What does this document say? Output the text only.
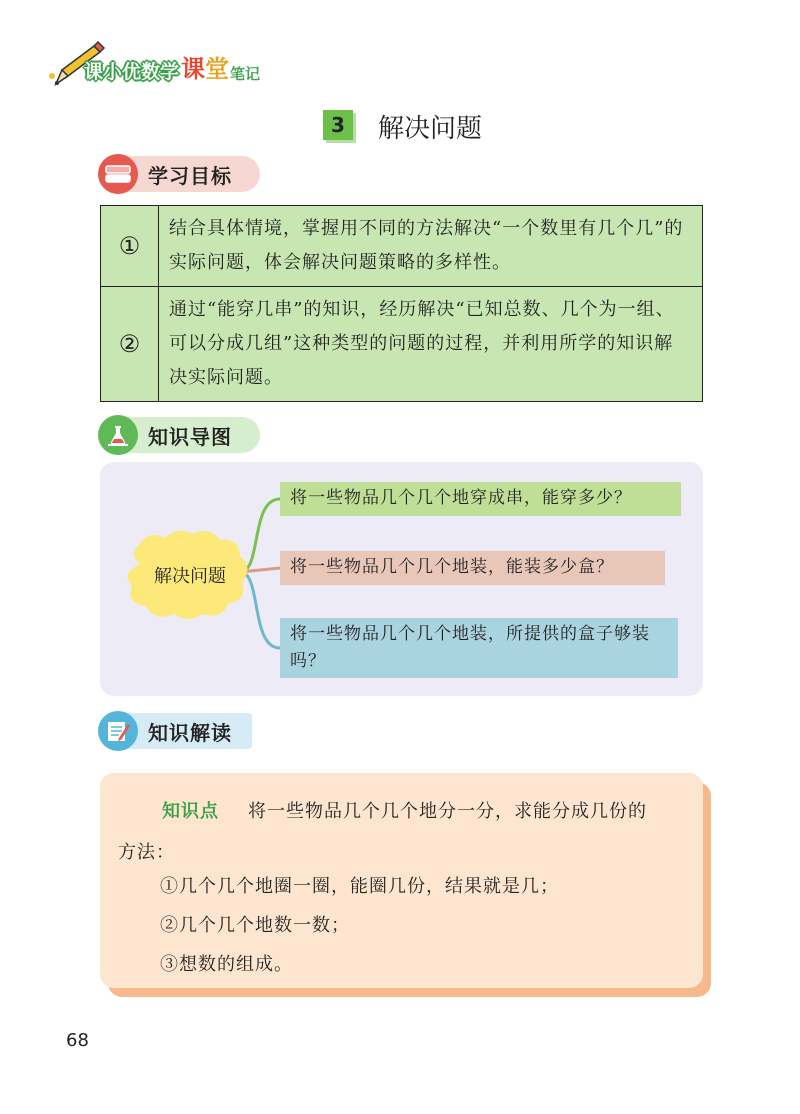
课小优数学 课 堂 笔记
3	解决问题
学习目标
①	结合具体情境，掌握用不同的方法解决“一个数里有几个几”的实际问题，体会解决问题策略的多样性。
②	通过“能穿几串”的知识，经历解决“已知总数、几个为一组、可以分成几组”这种类型的问题的过程，并利用所学的知识解决实际问题。
知识导图
解决问题
将一些物品几个几个地穿成串，能穿多少？
将一些物品几个几个地装，能装多少盒？
将一些物品几个几个地装，所提供的盒子够装吗？
知识解读
知识点 将一些物品几个几个地分一分，求能分成几份的
方法：
①几个几个地圈一圈，能圈几份，结果就是几；
②几个几个地数一数；
③想数的组成。
68
